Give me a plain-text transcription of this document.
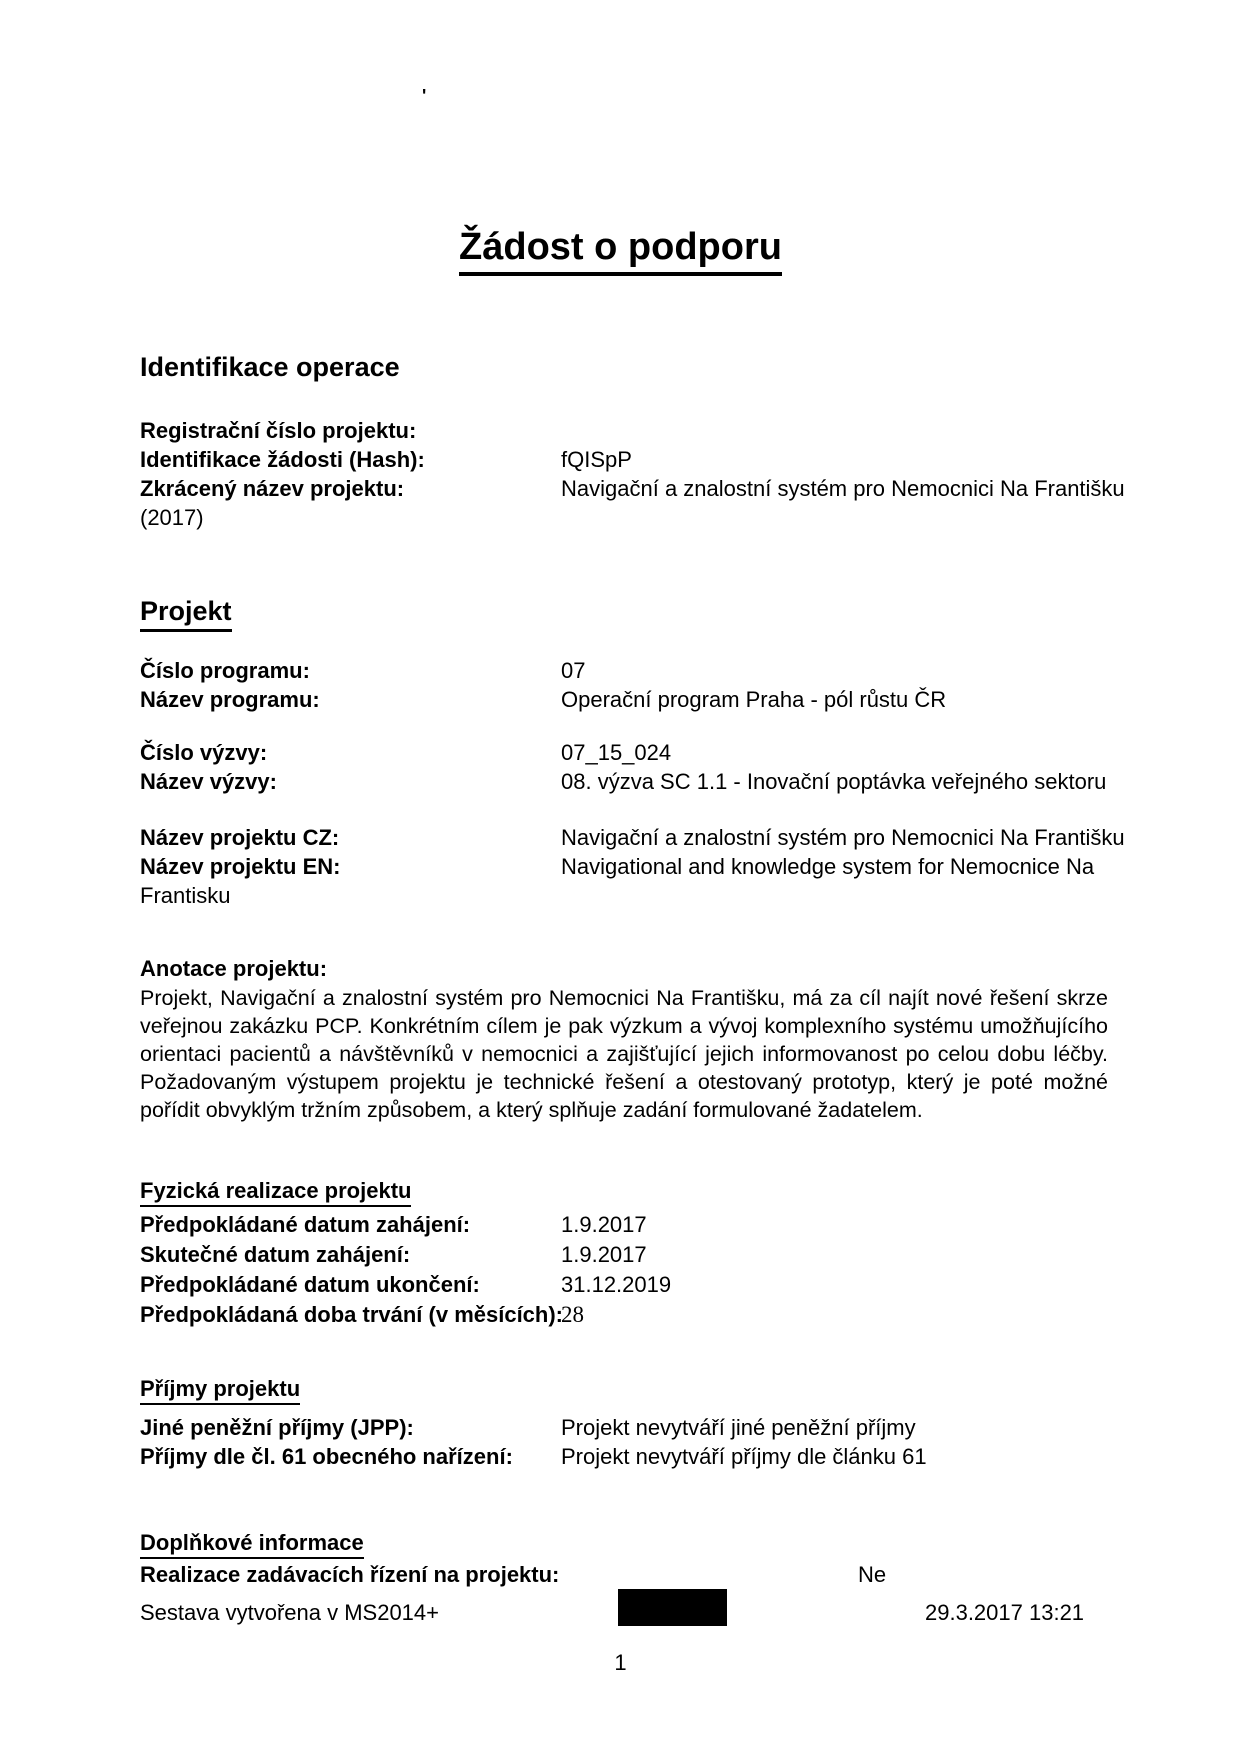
'
Žádost o podporu
Identifikace operace
Registrační číslo projektu:
Identifikace žádosti (Hash):	fQISpP
Zkrácený název projektu:	Navigační a znalostní systém pro Nemocnici Na Františku
(2017)
Projekt
Číslo programu:	07
Název programu:	Operační program Praha - pól růstu ČR
Číslo výzvy:	07_15_024
Název výzvy:	08. výzva SC 1.1 - Inovační poptávka veřejného sektoru
Název projektu CZ:	Navigační a znalostní systém pro Nemocnici Na Františku
Název projektu EN:	Navigational and knowledge system for Nemocnice Na
Frantisku
Anotace projektu:
Projekt, Navigační a znalostní systém pro Nemocnici Na Františku, má za cíl najít nové řešení skrze veřejnou zakázku PCP. Konkrétním cílem je pak výzkum a vývoj komplexního systému umožňujícího orientaci pacientů a návštěvníků v nemocnici a zajišťující jejich informovanost po celou dobu léčby. Požadovaným výstupem projektu je technické řešení a otestovaný prototyp, který je poté možné pořídit obvyklým tržním způsobem, a který splňuje zadání formulované žadatelem.
Fyzická realizace projektu
Předpokládané datum zahájení:	1.9.2017
Skutečné datum zahájení:	1.9.2017
Předpokládané datum ukončení:	31.12.2019
Předpokládaná doba trvání (v měsících):
28
Příjmy projektu
Jiné peněžní příjmy (JPP):	Projekt nevytváří jiné peněžní příjmy
Příjmy dle čl. 61 obecného nařízení: Projekt nevytváří příjmy dle článku 61
Doplňkové informace
Realizace zadávacích řízení na projektu:	Ne
Sestava vytvořena v MS2014+	29.3.2017 13:21
1
